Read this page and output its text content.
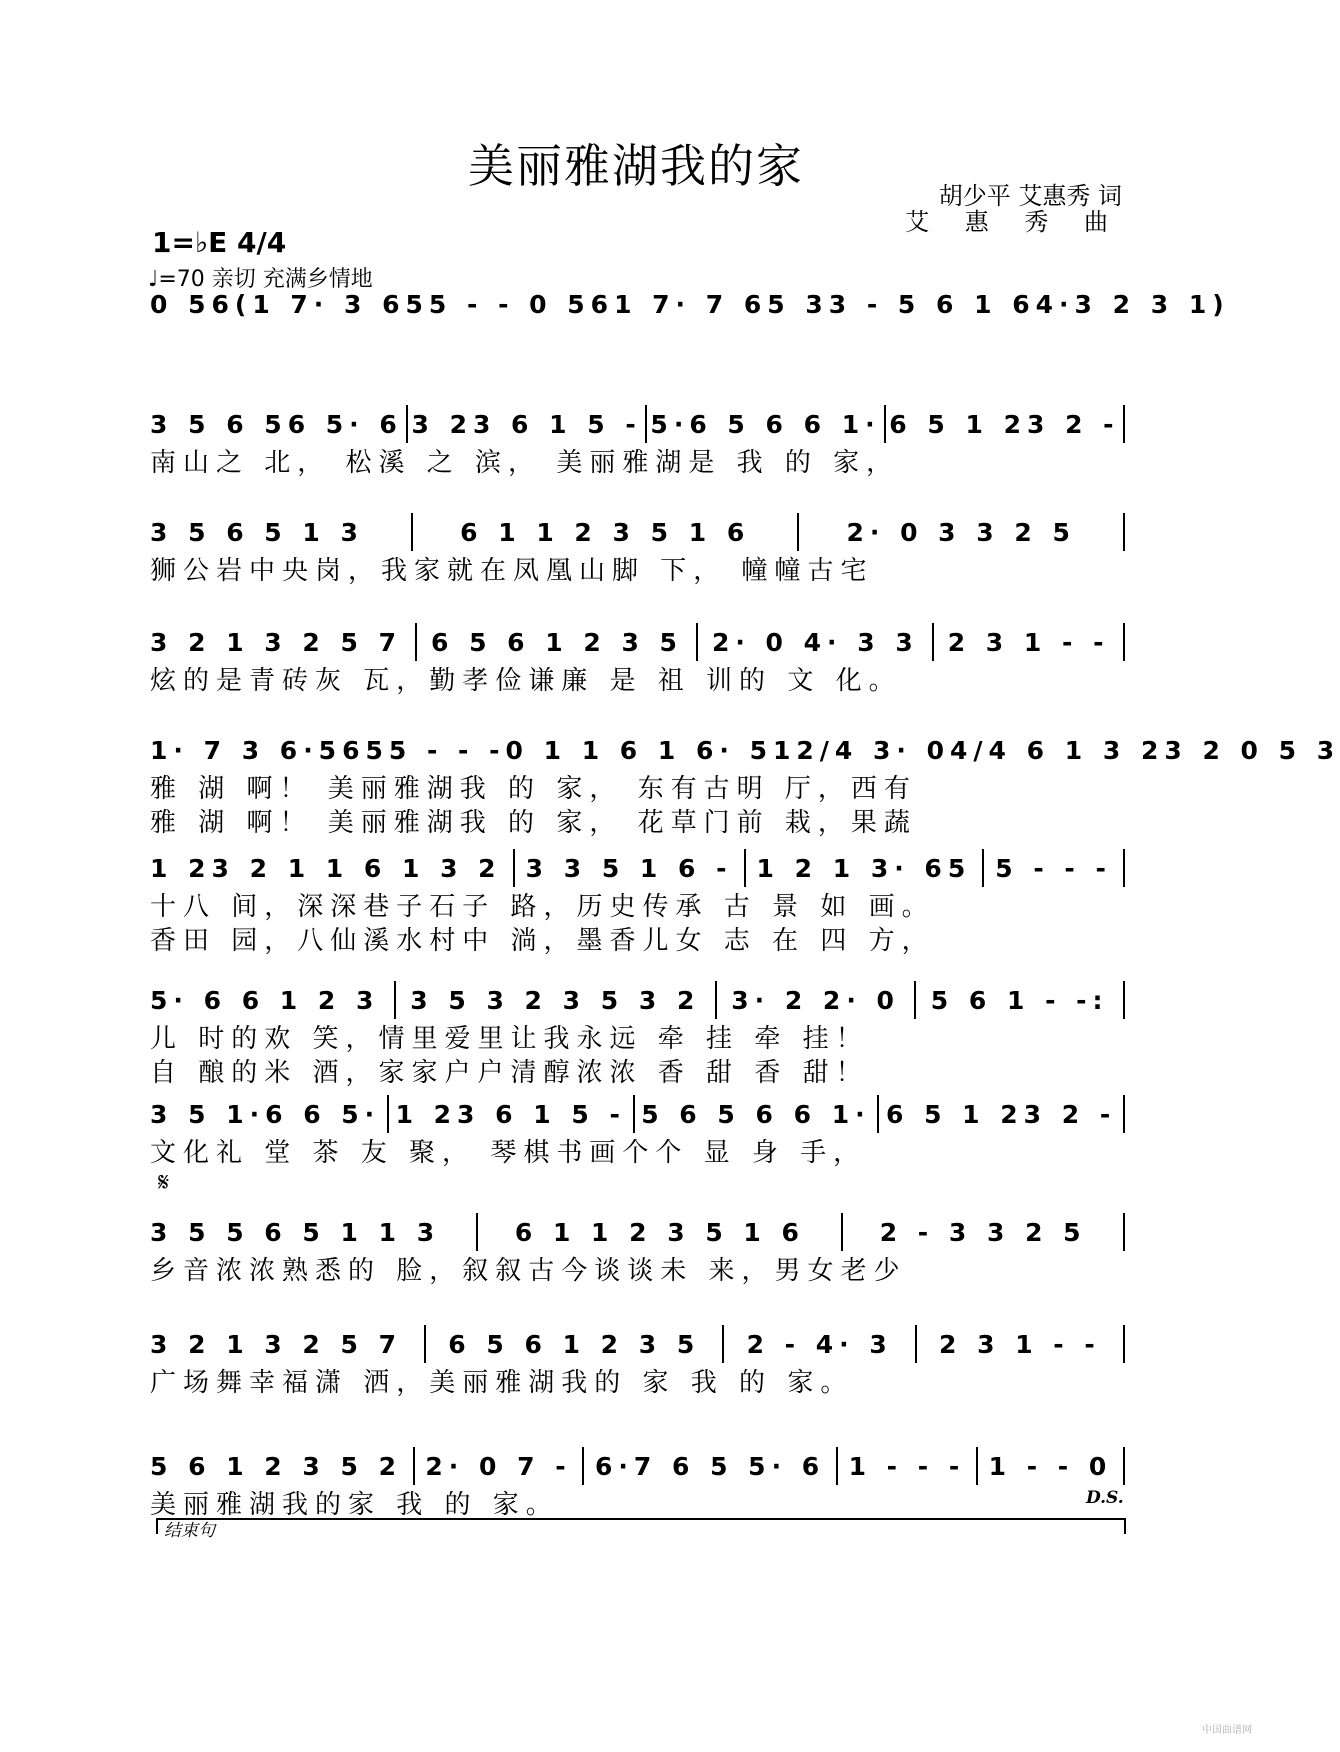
美丽雅湖我的家
胡少平 艾惠秀 词
艾 惠 秀 曲
1=♭E 4/4
♩=70 亲切 充满乡情地
0 56(1 7· 3 65 5 - - 0 56 1 7· 7 65 3 3 - 5 6 1 6 4·3 2 3 1)
3 5 6 56 5· 6 3 23 6 1 5 - 5·6 5 6 6 1· 6 5 1 23 2 -
南山之 北， 松溪 之 滨， 美丽雅湖是 我 的 家，
3 5 6 5 1 3	6 1 1 2 3 5 1 6	2· 0 3 3 2 5
狮公岩中央岗，我家就在凤凰山脚 下， 幢幢古宅
3 2 1 3 2 5 7 6 5 6 1 2 3 5 2· 0 4· 3 3 2 3 1 - -
炫的是青砖灰 瓦，勤孝俭谦廉 是 祖 训的 文 化。
1· 7 3 6·565 5 - - - 0 1 1 6 1 6· 51 2/4 3· 0 4/4 6 1 3 23 2 0 5 3
雅 湖 啊！ 美丽雅湖我 的 家， 东有古明 厅，西有
雅 湖 啊！ 美丽雅湖我 的 家， 花草门前 栽，果蔬
1 23 2 1 1 6 1 3 2 3 3 5 1 6 - 1 2 1 3· 65 5 - - -
十八 间，深深巷子石子 路，历史传承 古 景 如 画。
香田 园，八仙溪水村中 淌，墨香儿女 志 在 四 方，
5· 6 6 1 2 3 3 5 3 2 3 5 3 2 3· 2 2· 0 5 6 1 - -:
儿 时的欢 笑，情里爱里让我永远 牵 挂 牵 挂！
自 酿的米 酒，家家户户清醇浓浓 香 甜 香 甜！
3 5 1·6 6 5· 1 23 6 1 5 - 5 6 5 6 6 1· 6 5 1 23 2 -
文化礼 堂 茶 友 聚， 琴棋书画个个 显 身 手，
3 5 5 6 5 1 1 3	6 1 1 2 3 5 1 6	2 - 3 3 2 5
乡音浓浓熟悉的 脸，叙叙古今谈谈未 来，男女老少
3 2 1 3 2 5 7 6 5 6 1 2 3 5 2 - 4· 3 2 3 1 - -
广场舞幸福潇 洒，美丽雅湖我的 家 我 的 家。
5 6 1 2 3 5 2 2· 0 7 - 6·7 6 5 5· 6 1 - - - 1 - - 0
美丽雅湖我的家 我 的 家。
𝄋
D.S.
结束句
中国曲谱网
